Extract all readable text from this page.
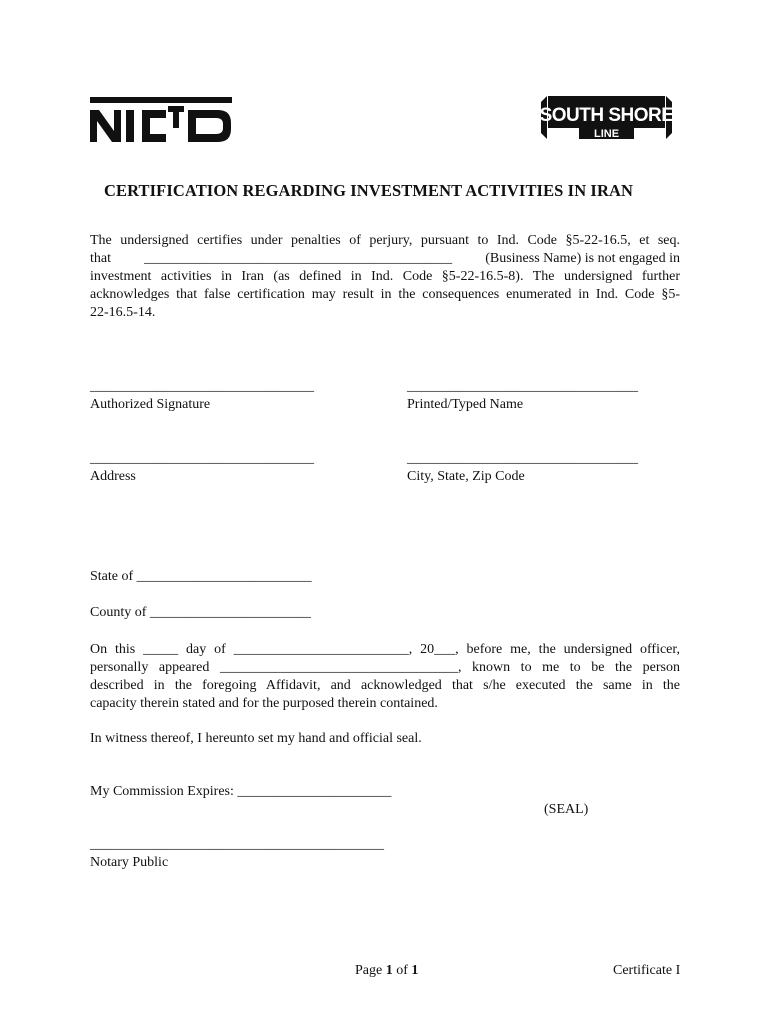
SOUTH SHORE
LINE
CERTIFICATION REGARDING INVESTMENT ACTIVITIES IN IRAN
The undersigned certifies under penalties of perjury, pursuant to Ind. Code §5-22-16.5, et seq.
that ____________________________________________ (Business Name) is not engaged in
investment activities in Iran (as defined in Ind. Code §5-22-16.5-8). The undersigned further
acknowledges that false certification may result in the consequences enumerated in Ind. Code §5-
22-16.5-14.
________________________________	_________________________________
Authorized Signature	Printed/Typed Name
________________________________	_________________________________
Address	City, State, Zip Code
State of _________________________
County of _______________________
On this _____ day of _________________________, 20___, before me, the undersigned officer,
personally appeared __________________________________, known to me to be the person
described in the foregoing Affidavit, and acknowledged that s/he executed the same in the
capacity therein stated and for the purposed therein contained.
In witness thereof, I hereunto set my hand and official seal.
My Commission Expires: ______________________
(SEAL)
__________________________________________
Notary Public
Page 1 of 1	Certificate I
